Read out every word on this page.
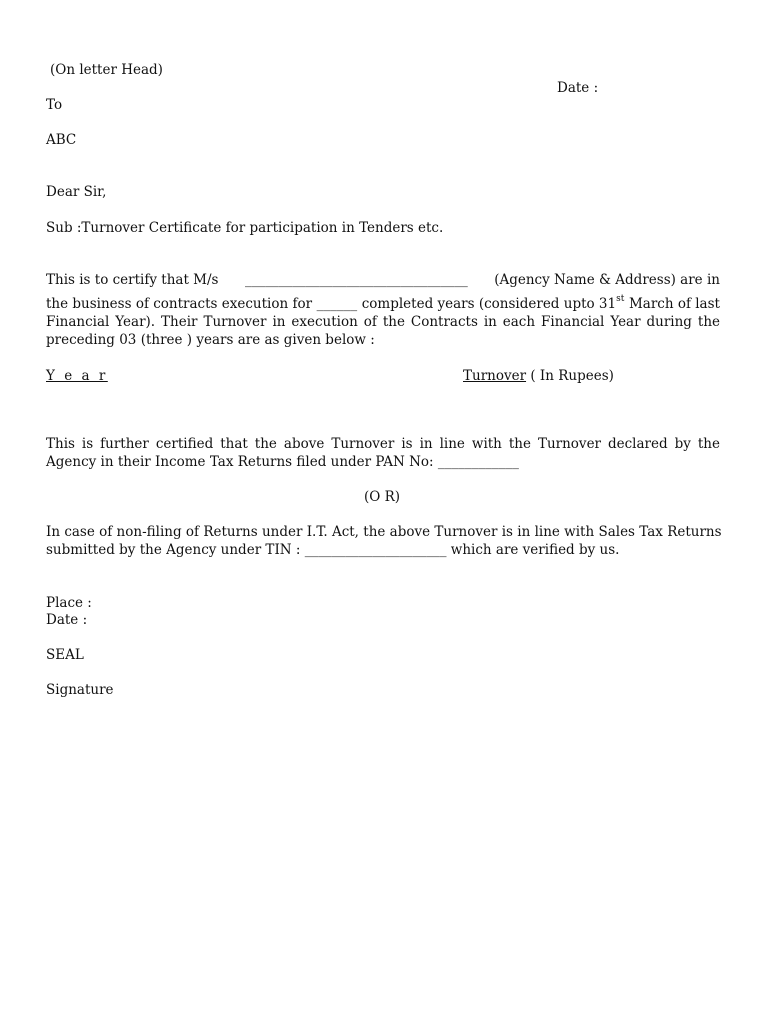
(On letter Head)
Date :
To
ABC
Dear Sir,
Sub :Turnover Certificate for participation in Tenders etc.
This is to certify that M/s _________________________________ (Agency Name & Address) are in
the business of contracts execution for ______ completed years (considered upto 31st March of last
Financial Year). Their Turnover in execution of the Contracts in each Financial Year during the
preceding 03 (three ) years are as given below :
Y e a r	Turnover ( In Rupees)
This is further certified that the above Turnover is in line with the Turnover declared by the
Agency in their Income Tax Returns filed under PAN No: ____________
(O R)
In case of non-filing of Returns under I.T. Act, the above Turnover is in line with Sales Tax Returns
submitted by the Agency under TIN : _____________________ which are verified by us.
Place :
Date :
SEAL
Signature
